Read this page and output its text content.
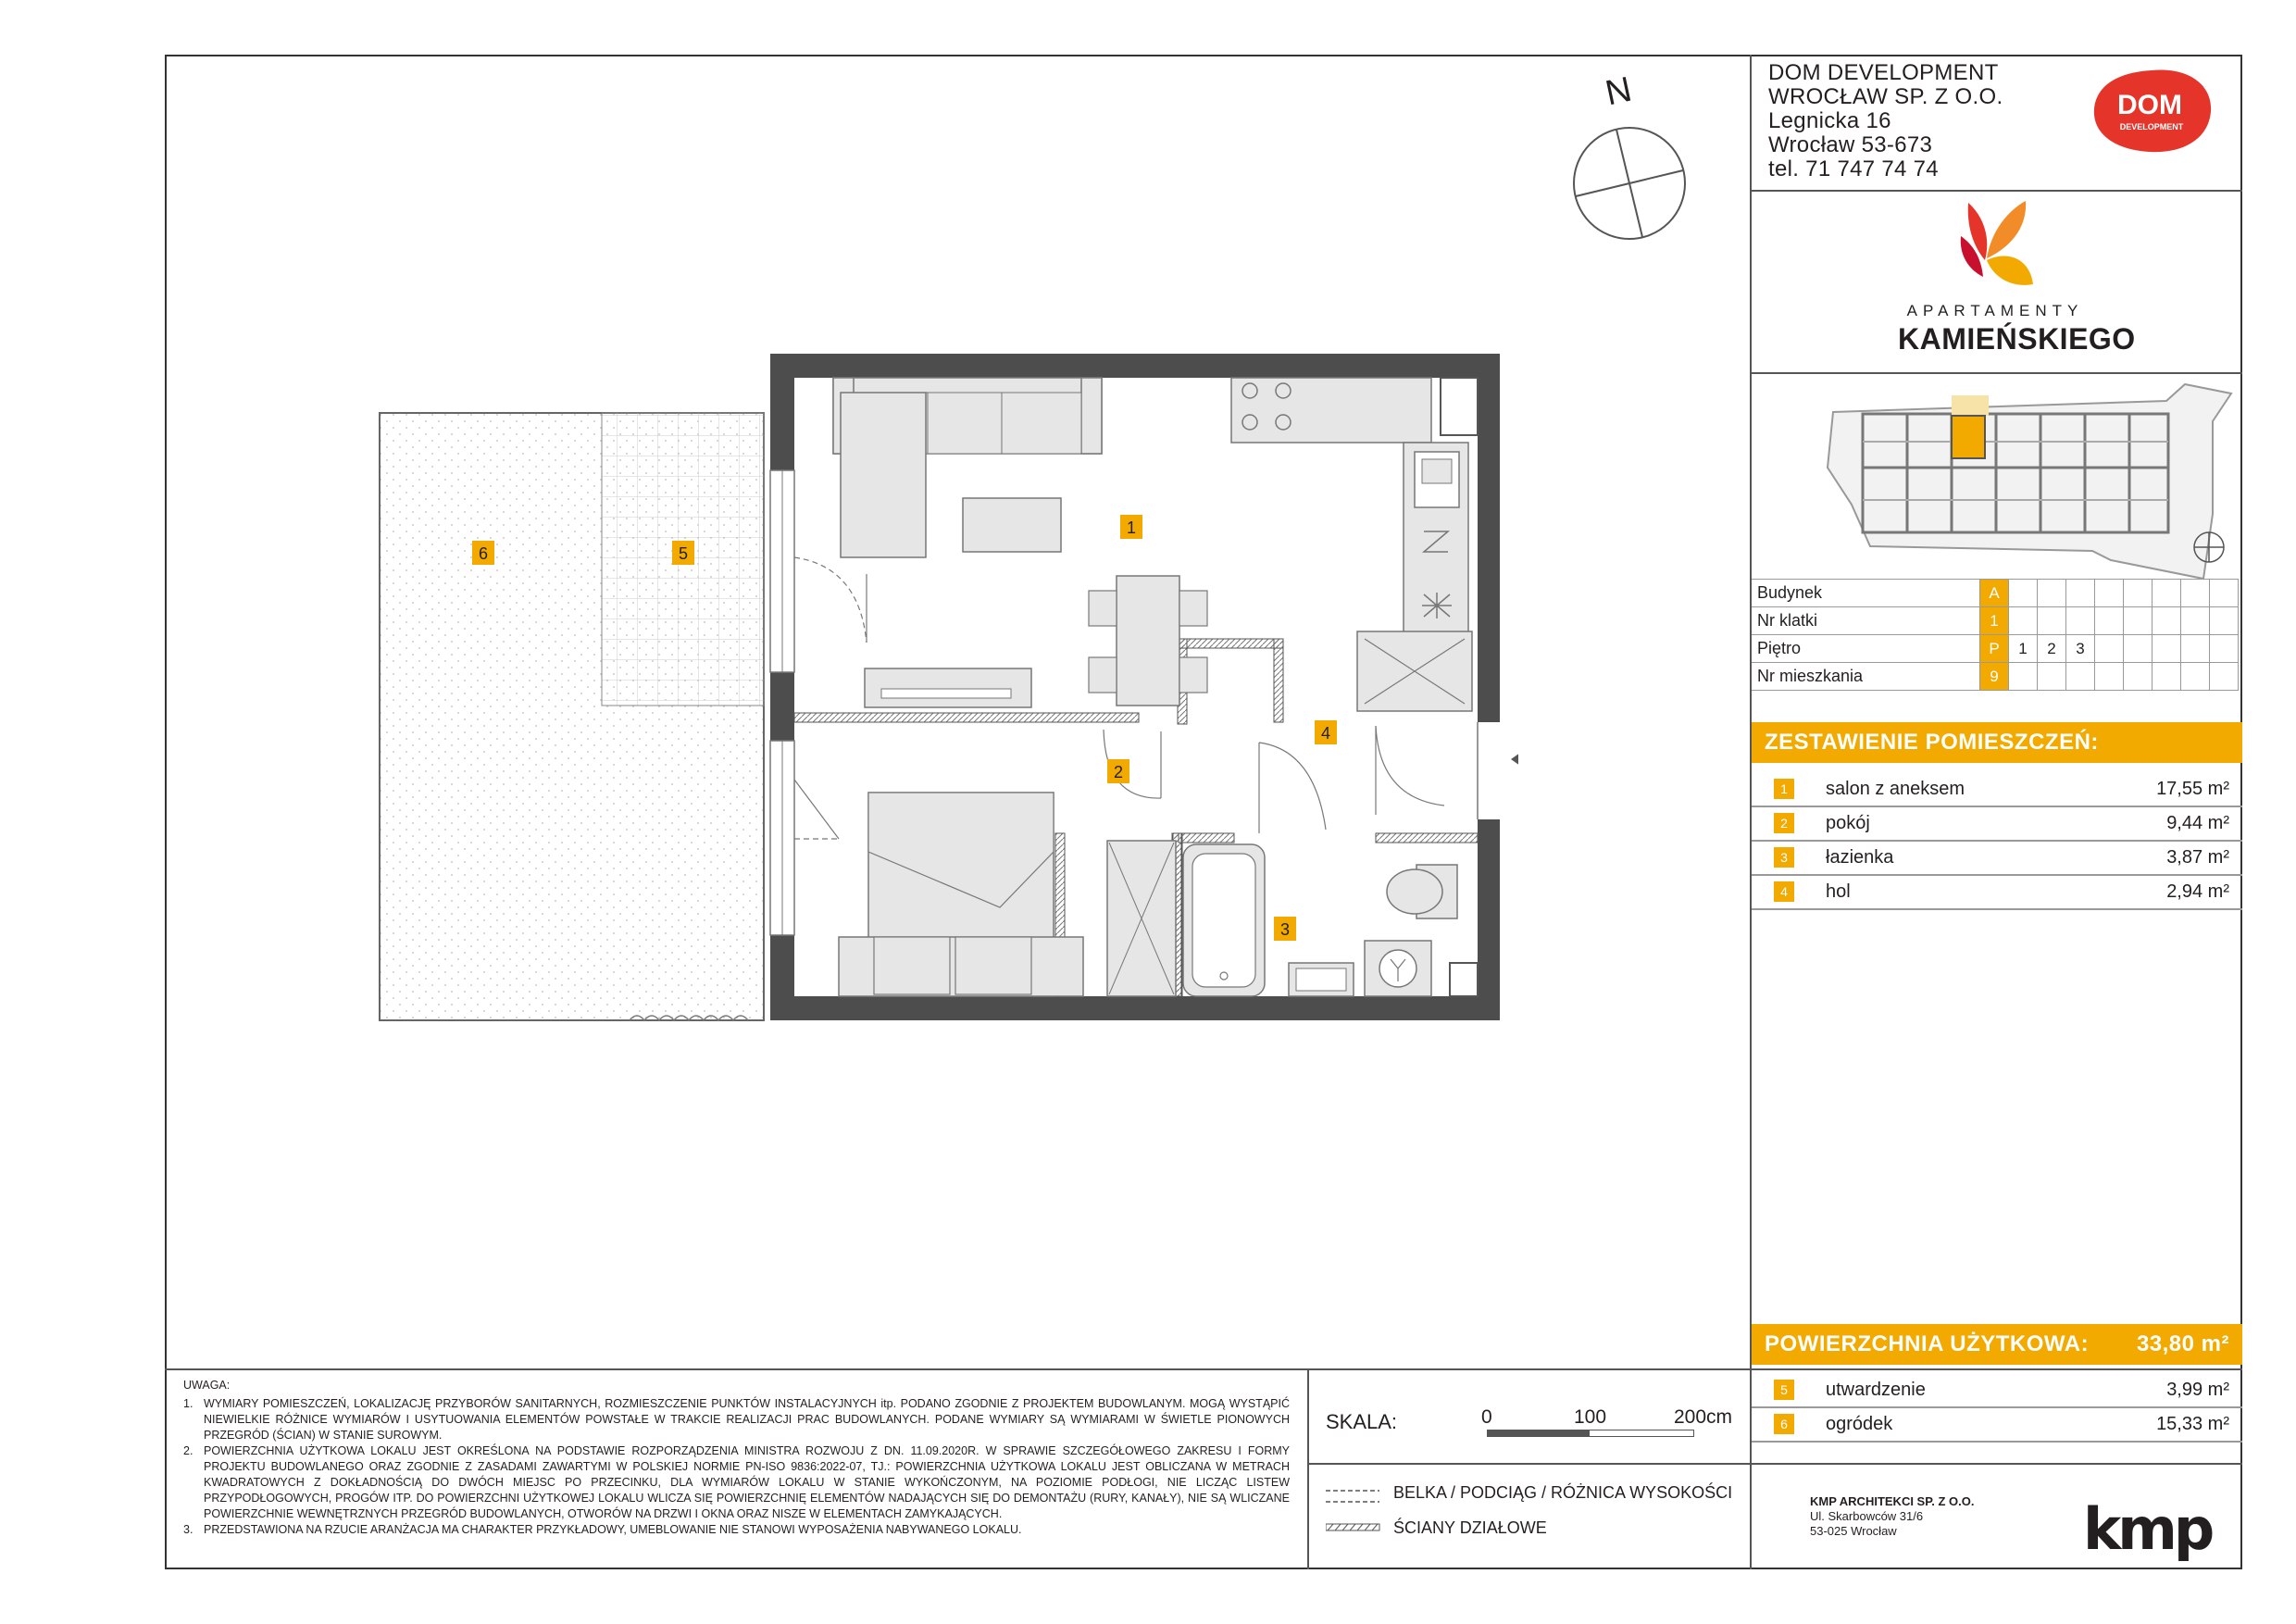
DOM DEVELOPMENT
WROCŁAW SP. Z O.O.
Legnicka 16
Wrocław 53-673
tel. 71 747 74 74
DOM
DEVELOPMENT
APARTAMENTY
KAMIEŃSKIEGO
N
Budynek	A								
Nr klatki	1								
Piętro	P	1	2	3					
Nr mieszkania	9								
ZESTAWIENIE POMIESZCZEŃ:
1	salon z aneksem	17,55 m²
2	pokój	9,44 m²
3	łazienka	3,87 m²
4	hol	2,94 m²
POWIERZCHNIA UŻYTKOWA: 33,80 m²
5	utwardzenie	3,99 m²
6	ogródek	15,33 m²
UWAGA:
1. WYMIARY POMIESZCZEŃ, LOKALIZACJĘ PRZYBORÓW SANITARNYCH, ROZMIESZCZENIE PUNKTÓW INSTALACYJNYCH itp. PODANO ZGODNIE Z PROJEKTEM BUDOWLANYM. MOGĄ WYSTĄPIĆ NIEWIELKIE RÓŻNICE WYMIARÓW I USYTUOWANIA ELEMENTÓW POWSTAŁE W TRAKCIE REALIZACJI PRAC BUDOWLANYCH. PODANE WYMIARY SĄ WYMIARAMI W ŚWIETLE PIONOWYCH PRZEGRÓD (ŚCIAN) W STANIE SUROWYM.
2. POWIERZCHNIA UŻYTKOWA LOKALU JEST OKREŚLONA NA PODSTAWIE ROZPORZĄDZENIA MINISTRA ROZWOJU Z DN. 11.09.2020R. W SPRAWIE SZCZEGÓŁOWEGO ZAKRESU I FORMY PROJEKTU BUDOWLANEGO ORAZ ZGODNIE Z ZASADAMI ZAWARTYMI W POLSKIEJ NORMIE PN-ISO 9836:2022-07, TJ.: POWIERZCHNIA UŻYTKOWA LOKALU JEST OBLICZANA W METRACH KWADRATOWYCH Z DOKŁADNOŚCIĄ DO DWÓCH MIEJSC PO PRZECINKU, DLA WYMIARÓW LOKALU W STANIE WYKOŃCZONYM, NA POZIOMIE PODŁOGI, NIE LICZĄC LISTEW PRZYPODŁOGOWYCH, PROGÓW ITP. DO POWIERZCHNI UŻYTKOWEJ LOKALU WLICZA SIĘ POWIERZCHNIĘ ELEMENTÓW NADAJĄCYCH SIĘ DO DEMONTAŻU (RURY, KANAŁY), NIE SĄ WLICZANE POWIERZCHNIE WEWNĘTRZNYCH PRZEGRÓD BUDOWLANYCH, OTWORÓW NA DRZWI I OKNA ORAZ NISZE W ELEMENTACH ZAMYKAJĄCYCH.
3. PRZEDSTAWIONA NA RZUCIE ARANŻACJA MA CHARAKTER PRZYKŁADOWY, UMEBLOWANIE NIE STANOWI WYPOSAŻENIA NABYWANEGO LOKALU.
SKALA:	0	100	200cm
BELKA / PODCIĄG / RÓŻNICA WYSOKOŚCI
ŚCIANY DZIAŁOWE
KMP ARCHITEKCI SP. Z O.O.
Ul. Skarbowców 31/6
53-025 Wrocław	kmp
1
2
3
4
5
6
